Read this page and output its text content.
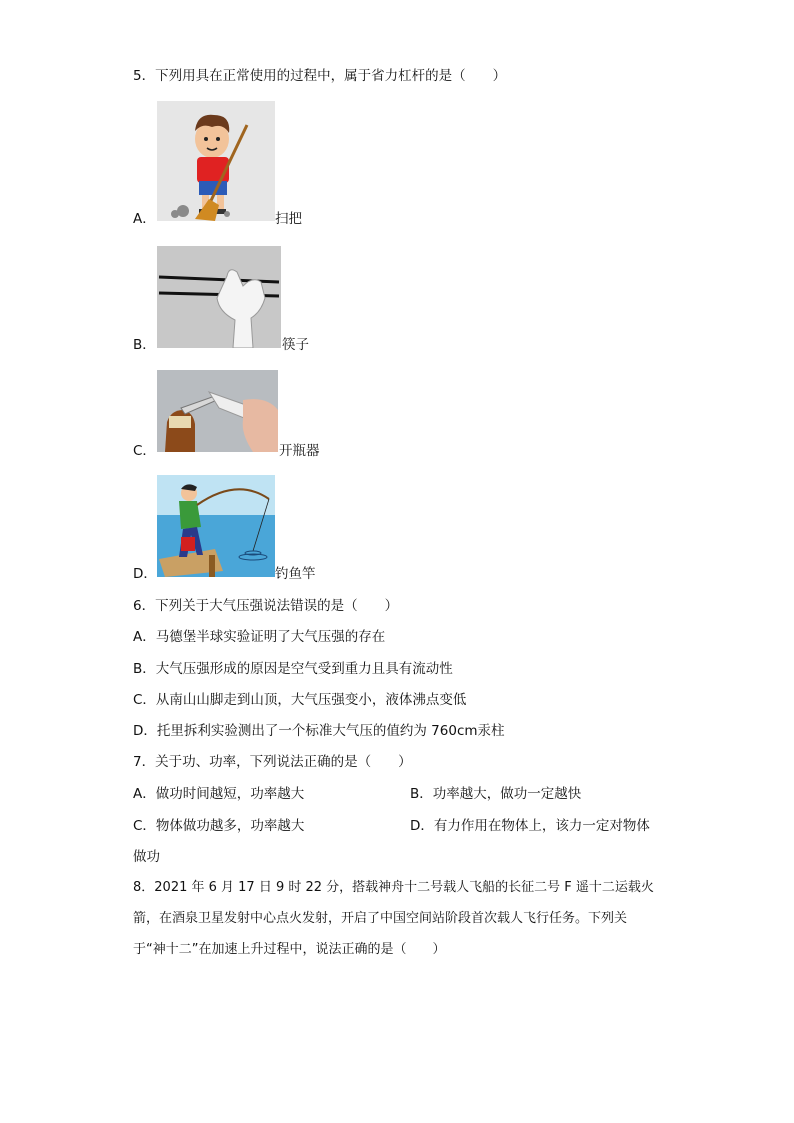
5．下列用具在正常使用的过程中，属于省力杠杆的是（　　）
A．	扫把
B．	筷子
C．	开瓶器
D．	钓鱼竿
6．下列关于大气压强说法错误的是（　　）
A．马德堡半球实验证明了大气压强的存在
B．大气压强形成的原因是空气受到重力且具有流动性
C．从南山山脚走到山顶，大气压强变小，液体沸点变低
D．托里拆利实验测出了一个标准大气压的值约为 760cm汞柱
7．关于功、功率，下列说法正确的是（　　）
A．做功时间越短，功率越大	B．功率越大，做功一定越快
C．物体做功越多，功率越大	D．有力作用在物体上，该力一定对物体
做功
8．2021 年 6 月 17 日 9 时 22 分，搭载神舟十二号载人飞船的长征二号 F 遥十二运载火
箭，在酒泉卫星发射中心点火发射，开启了中国空间站阶段首次载人飞行任务。下列关
于“神十二”在加速上升过程中，说法正确的是（　　）
